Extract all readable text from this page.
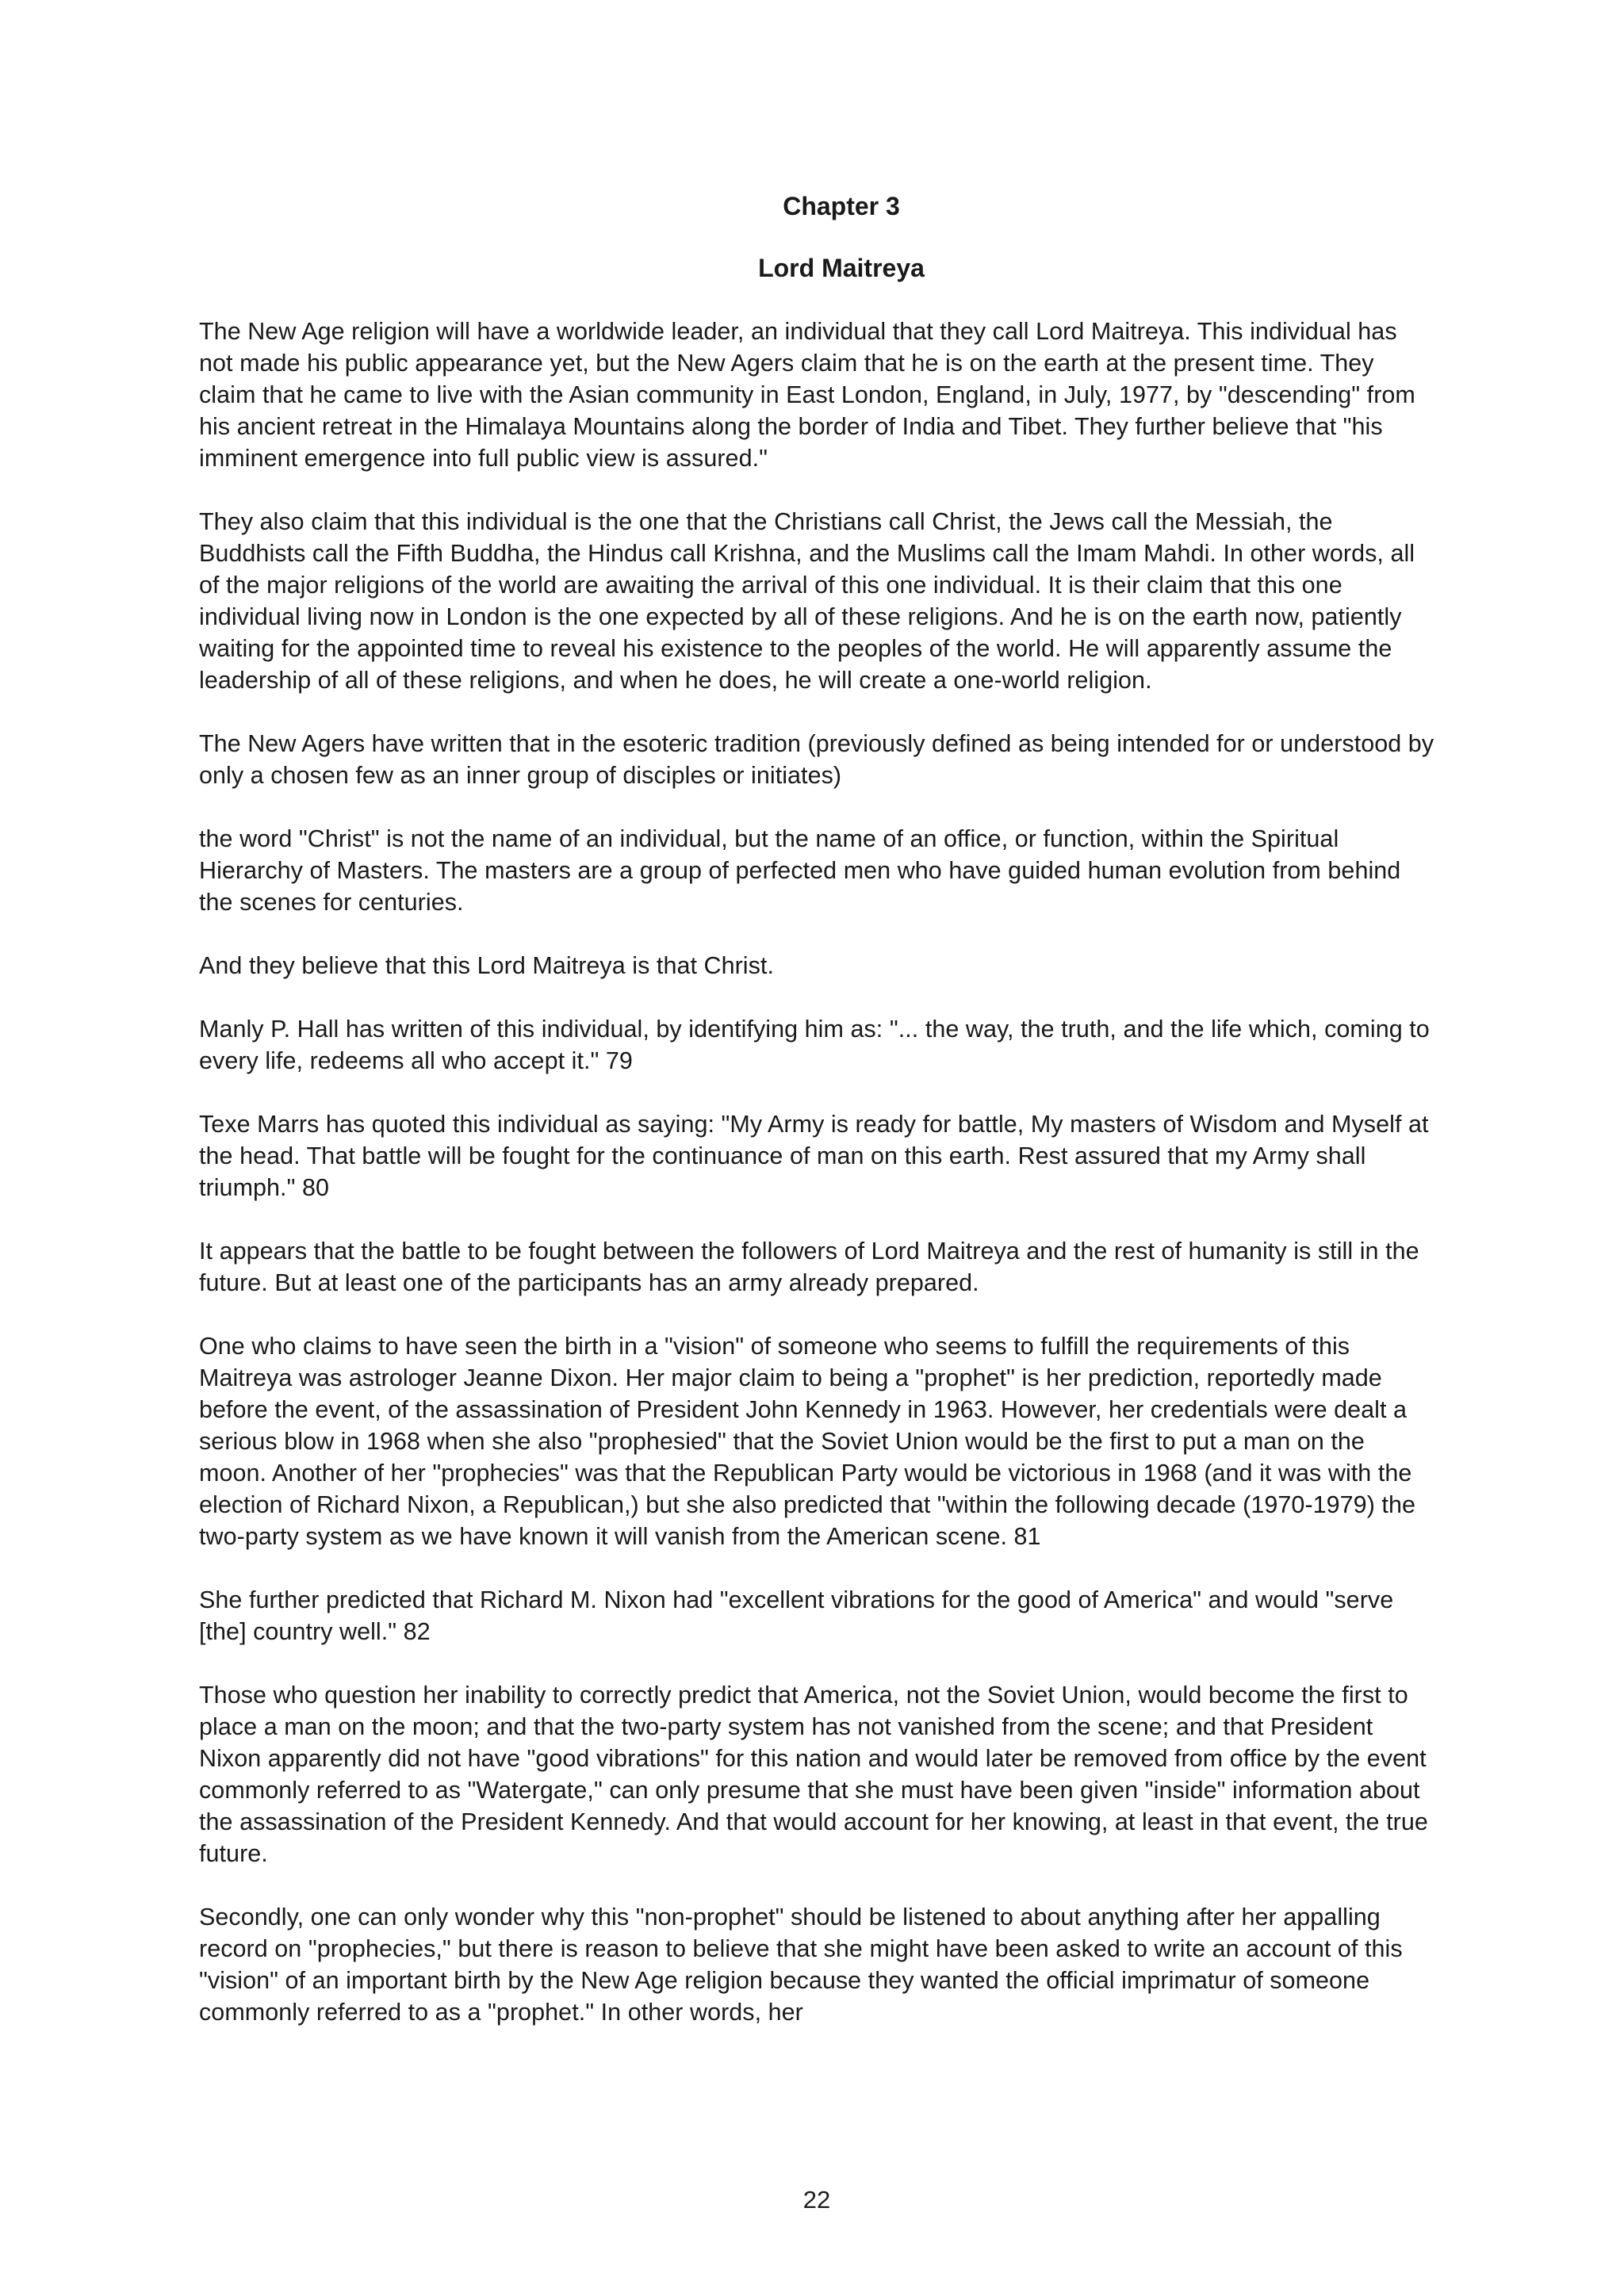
Chapter 3
Lord Maitreya

The New Age religion will have a worldwide leader, an individual that they call Lord Maitreya. This individual has not made his public appearance yet, but the New Agers claim that he is on the earth at the present time. They claim that he came to live with the Asian community in East London, England, in July, 1977, by "descending" from his ancient retreat in the Himalaya Mountains along the border of India and Tibet. They further believe that "his imminent emergence into full public view is assured."

They also claim that this individual is the one that the Christians call Christ, the Jews call the Messiah, the Buddhists call the Fifth Buddha, the Hindus call Krishna, and the Muslims call the Imam Mahdi. In other words, all of the major religions of the world are awaiting the arrival of this one individual. It is their claim that this one individual living now in London is the one expected by all of these religions. And he is on the earth now, patiently waiting for the appointed time to reveal his existence to the peoples of the world. He will apparently assume the leadership of all of these religions, and when he does, he will create a one-world religion.

The New Agers have written that in the esoteric tradition (previously defined as being intended for or understood by only a chosen few as an inner group of disciples or initiates)

the word "Christ" is not the name of an individual, but the name of an office, or function, within the Spiritual Hierarchy of Masters. The masters are a group of perfected men who have guided human evolution from behind the scenes for centuries.

And they believe that this Lord Maitreya is that Christ.

Manly P. Hall has written of this individual, by identifying him as: "... the way, the truth, and the life which, coming to every life, redeems all who accept it." 79

Texe Marrs has quoted this individual as saying: "My Army is ready for battle, My masters of Wisdom and Myself at the head. That battle will be fought for the continuance of man on this earth. Rest assured that my Army shall triumph." 80

It appears that the battle to be fought between the followers of Lord Maitreya and the rest of humanity is still in the future. But at least one of the participants has an army already prepared.

One who claims to have seen the birth in a "vision" of someone who seems to fulfill the requirements of this Maitreya was astrologer Jeanne Dixon. Her major claim to being a "prophet" is her prediction, reportedly made before the event, of the assassination of President John Kennedy in 1963. However, her credentials were dealt a serious blow in 1968 when she also "prophesied" that the Soviet Union would be the first to put a man on the moon. Another of her "prophecies" was that the Republican Party would be victorious in 1968 (and it was with the election of Richard Nixon, a Republican,) but she also predicted that "within the following decade (1970-1979) the two-party system as we have known it will vanish from the American scene. 81

She further predicted that Richard M. Nixon had "excellent vibrations for the good of America" and would "serve [the] country well." 82

Those who question her inability to correctly predict that America, not the Soviet Union, would become the first to place a man on the moon; and that the two-party system has not vanished from the scene; and that President Nixon apparently did not have "good vibrations" for this nation and would later be removed from office by the event commonly referred to as "Watergate," can only presume that she must have been given "inside" information about the assassination of the President Kennedy. And that would account for her knowing, at least in that event, the true future.

Secondly, one can only wonder why this "non-prophet" should be listened to about anything after her appalling record on "prophecies," but there is reason to believe that she might have been asked to write an account of this "vision" of an important birth by the New Age religion because they wanted the official imprimatur of someone commonly referred to as a "prophet." In other words, her

22
